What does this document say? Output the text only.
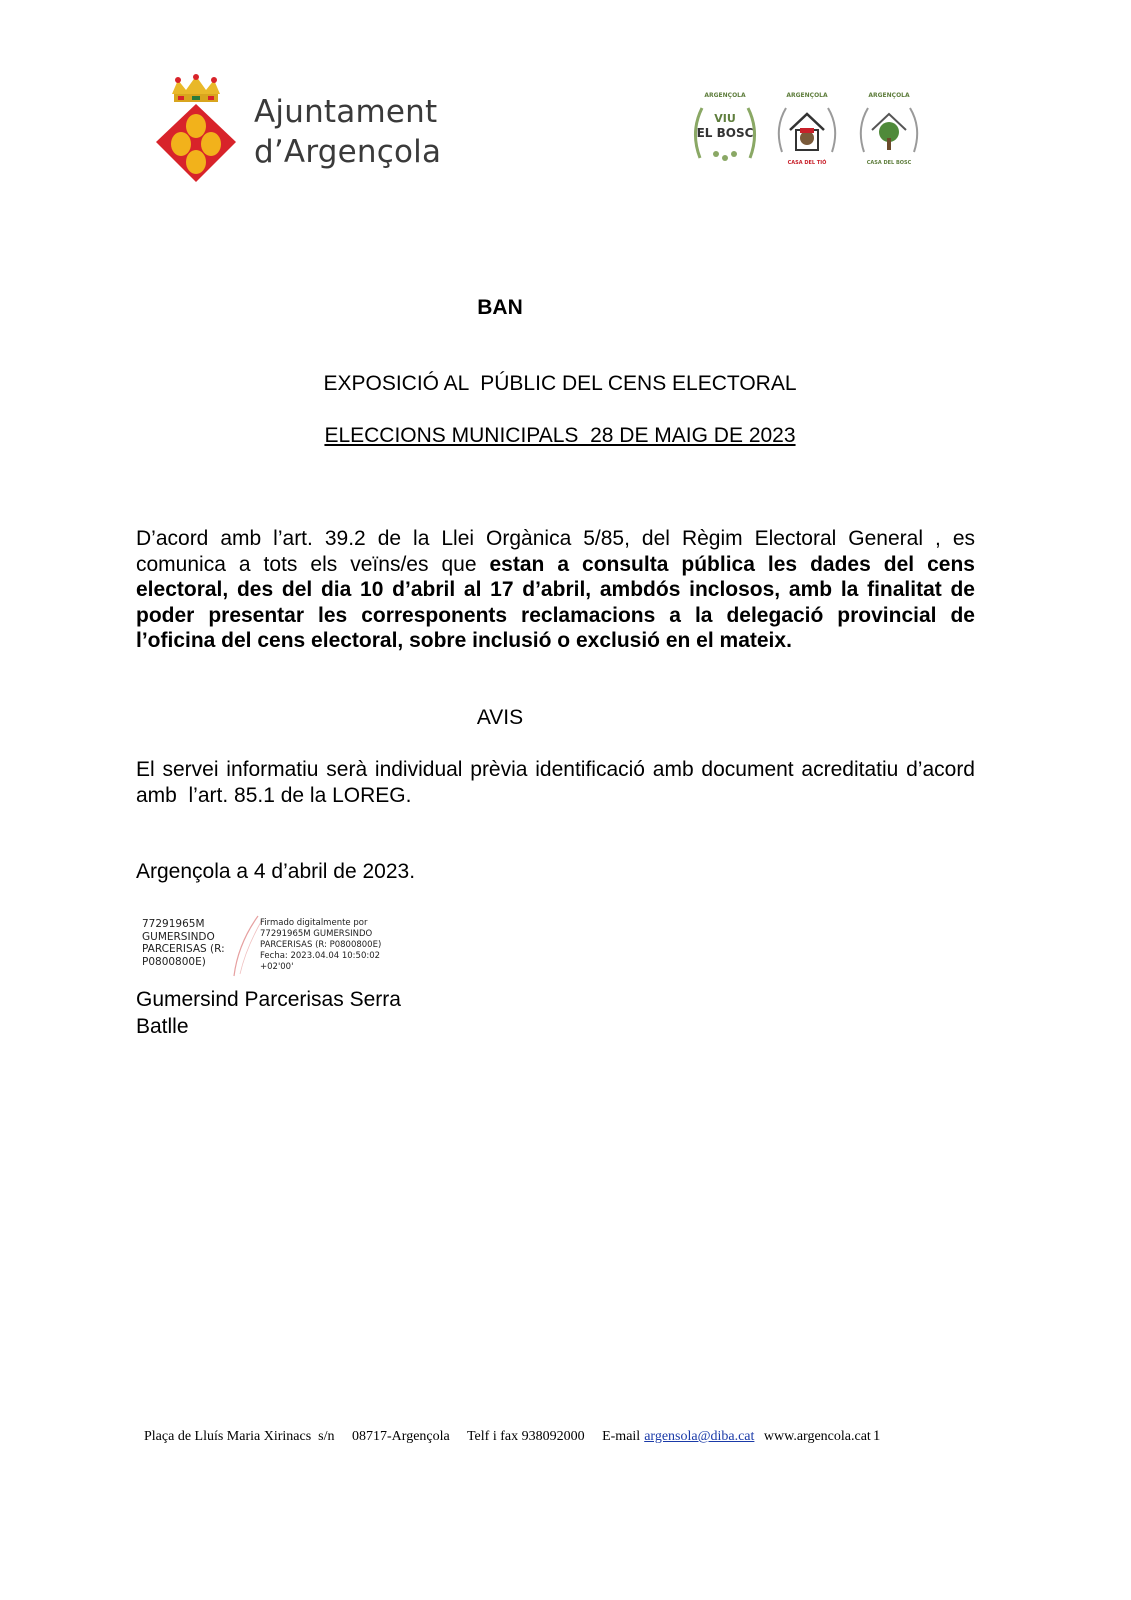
Ajuntament
d’Argençola
ARGENÇOLA
VIU
EL BOSC
ARGENÇOLA
CASA DEL TIÓ
ARGENÇOLA
CASA DEL BOSC
BAN
EXPOSICIÓ AL  PÚBLIC DEL CENS ELECTORAL
ELECCIONS MUNICIPALS  28 DE MAIG DE 2023
D’acord amb l’art. 39.2 de la Llei Orgànica 5/85, del Règim Electoral General , es comunica a tots els veïns/es que estan a consulta pública les dades del cens electoral, des del dia 10 d’abril al 17 d’abril, ambdós inclosos, amb la finalitat de poder presentar les corresponents reclamacions a la delegació provincial de l’oficina del cens electoral, sobre inclusió o exclusió en el mateix.
AVIS
El servei informatiu serà individual prèvia identificació amb document acreditatiu d’acord amb  l’art. 85.1 de la LOREG.
Argençola a 4 d’abril de 2023.
77291965M
GUMERSINDO
PARCERISAS (R:
P0800800E)
Firmado digitalmente por
77291965M GUMERSINDO
PARCERISAS (R: P0800800E)
Fecha: 2023.04.04 10:50:02
+02'00'
Gumersind Parcerisas Serra
Batlle
Plaça de Lluís Maria Xirinacs  s/n 08717-Argençola Telf i fax 938092000 E-mail argensola@diba.cat www.argencola.cat 1
